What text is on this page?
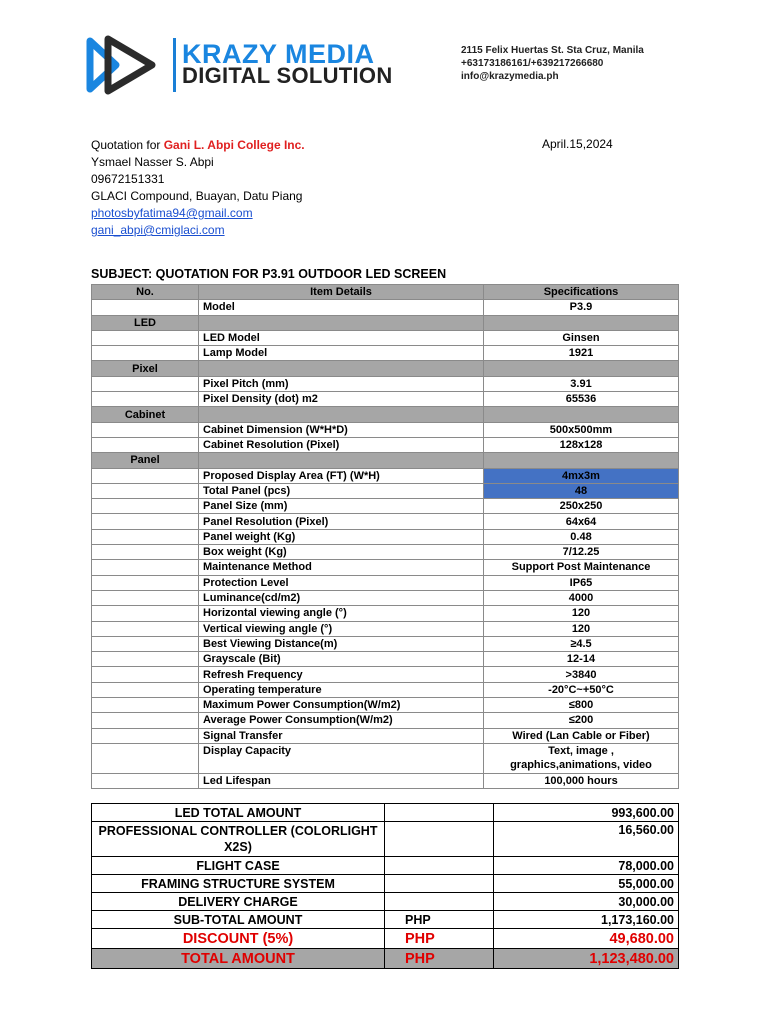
KRAZY MEDIA
DIGITAL SOLUTION
2115 Felix Huertas St. Sta Cruz, Manila
+63173186161/+639217266680
info@krazymedia.ph
Quotation for Gani L. Abpi College Inc.
Ysmael Nasser S. Abpi
09672151331
GLACI Compound, Buayan, Datu Piang
photosbyfatima94@gmail.com
gani_abpi@cmiglaci.com
April.15,2024
SUBJECT: QUOTATION FOR P3.91 OUTDOOR LED SCREEN
No.	Item Details	Specifications
	Model	P3.9
LED		
	LED Model	Ginsen
	Lamp Model	1921
Pixel		
	Pixel Pitch (mm)	3.91
	Pixel Density (dot) m2	65536
Cabinet		
	Cabinet Dimension (W*H*D)	500x500mm
	Cabinet Resolution (Pixel)	128x128
Panel		
	Proposed Display Area (FT) (W*H)	4mx3m
	Total Panel (pcs)	48
	Panel Size (mm)	250x250
	Panel Resolution (Pixel)	64x64
	Panel weight (Kg)	0.48
	Box weight (Kg)	7/12.25
	Maintenance Method	Support Post Maintenance
	Protection Level	IP65
	Luminance(cd/m2)	4000
	Horizontal viewing angle (°)	120
	Vertical viewing angle (°)	120
	Best Viewing Distance(m)	≥4.5
	Grayscale (Bit)	12-14
	Refresh Frequency	>3840
	Operating temperature	-20°C~+50°C
	Maximum Power Consumption(W/m2)	≤800
	Average Power Consumption(W/m2)	≤200
	Signal Transfer	Wired (Lan Cable or Fiber)
	Display Capacity	Text, image ,
graphics,animations, video
	Led Lifespan	100,000 hours
LED TOTAL AMOUNT		993,600.00
PROFESSIONAL CONTROLLER (COLORLIGHT X2S)		16,560.00
FLIGHT CASE		78,000.00
FRAMING STRUCTURE SYSTEM		55,000.00
DELIVERY CHARGE		30,000.00
SUB-TOTAL AMOUNT	PHP	1,173,160.00
DISCOUNT (5%)	PHP	49,680.00
TOTAL AMOUNT	PHP	1,123,480.00
